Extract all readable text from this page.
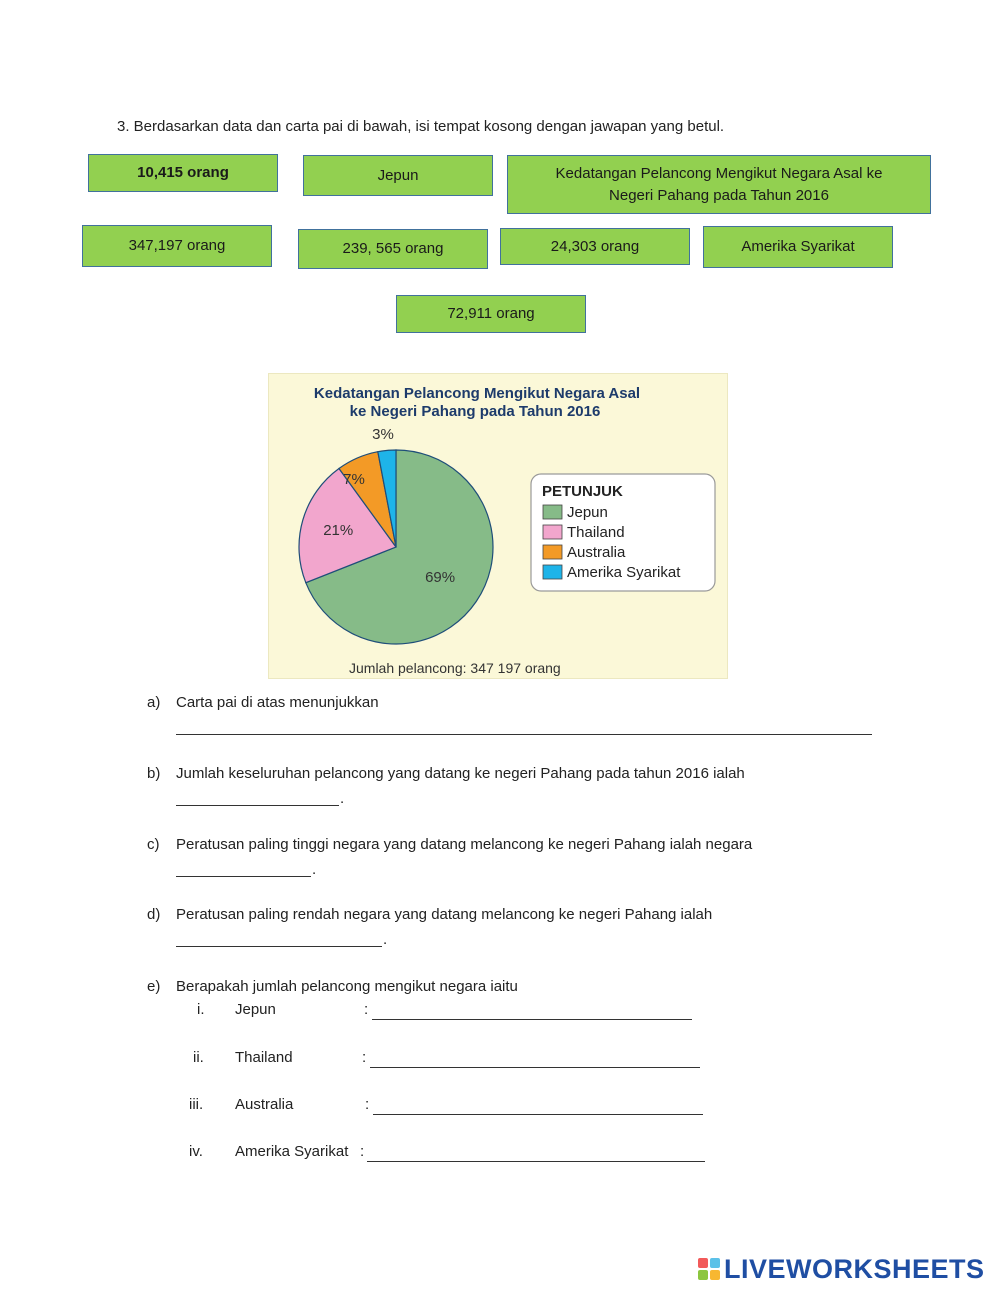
3. Berdasarkan data dan carta pai di bawah, isi tempat kosong dengan jawapan yang betul.
10,415 orang	Jepun	Kedatangan Pelancong Mengikut Negara Asal ke Negeri Pahang pada Tahun 2016
347,197 orang	239, 565 orang	24,303 orang	Amerika Syarikat
72,911 orang
Kedatangan Pelancong Mengikut Negara Asal
ke Negeri Pahang pada Tahun 2016
69%
21%
7%
3%
PETUNJUK
Jepun
Thailand
Australia
Amerika Syarikat
Jumlah pelancong: 347 197 orang
a) Carta pai di atas menunjukkan
b) Jumlah keseluruhan pelancong yang datang ke negeri Pahang pada tahun 2016 ialah
.
c) Peratusan paling tinggi negara yang datang melancong ke negeri Pahang ialah negara
.
d) Peratusan paling rendah negara yang datang melancong ke negeri Pahang ialah
.
e) Berapakah jumlah pelancong mengikut negara iaitu
i. Jepun	:
ii. Thailand	:
iii. Australia	:
iv. Amerika Syarikat :
LIVEWORKSHEETS
